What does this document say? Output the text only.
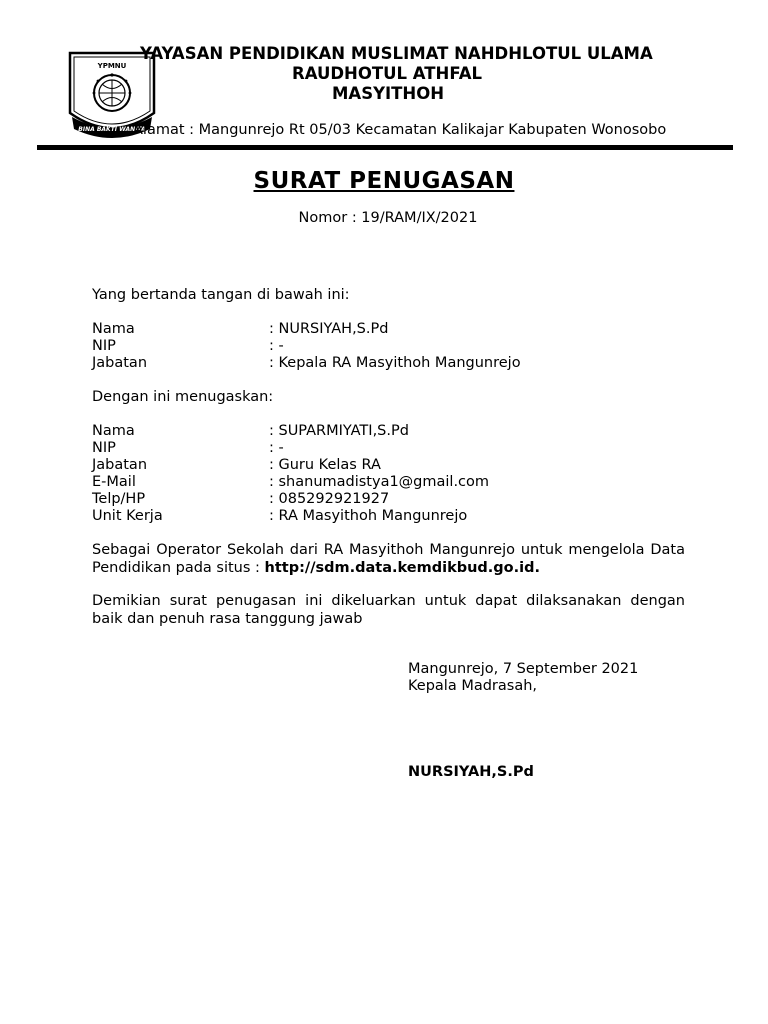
YPMNU
BINA BAKTI WANITA
YAYASAN PENDIDIKAN MUSLIMAT NAHDHLOTUL ULAMA
RAUDHOTUL ATHFAL
MASYITHOH
Alamat : Mangunrejo Rt 05/03 Kecamatan Kalikajar Kabupaten Wonosobo
SURAT PENUGASAN
Nomor : 19/RAM/IX/2021
Yang bertanda tangan di bawah ini:
Nama	: NURSIYAH,S.Pd
NIP	: -
Jabatan	: Kepala RA Masyithoh Mangunrejo
Dengan ini menugaskan:
Nama	: SUPARMIYATI,S.Pd
NIP	: -
Jabatan	: Guru Kelas RA
E-Mail	: shanumadistya1@gmail.com
Telp/HP	: 085292921927
Unit Kerja	: RA Masyithoh Mangunrejo
Sebagai Operator Sekolah dari RA Masyithoh Mangunrejo untuk mengelola Data Pendidikan pada situs : http://sdm.data.kemdikbud.go.id.
Demikian surat penugasan ini dikeluarkan untuk dapat dilaksanakan dengan baik dan penuh rasa tanggung jawab
Mangunrejo, 7 September 2021
Kepala Madrasah,
NURSIYAH,S.Pd
